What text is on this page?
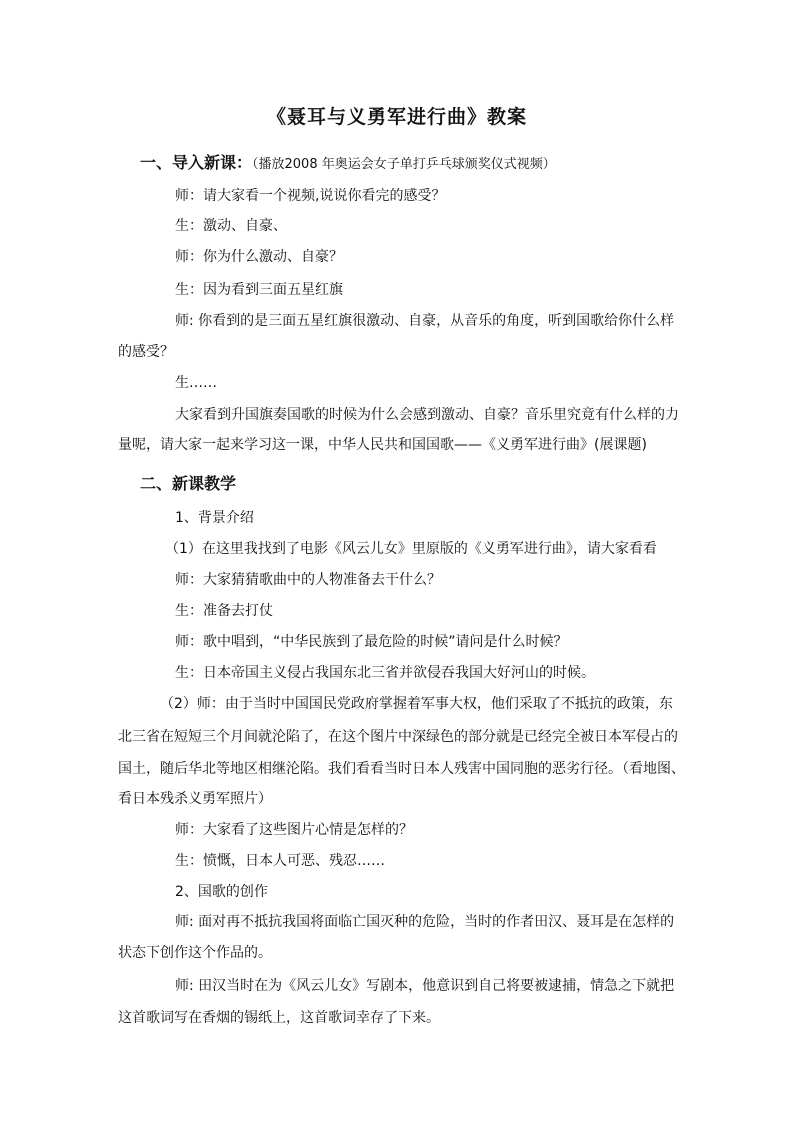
《聂耳与义勇军进行曲》教案
一、导入新课：（播放2008 年奥运会女子单打乒乓球颁奖仪式视频）
师：请大家看一个视频,说说你看完的感受？
生：激动、自豪、
师：你为什么激动、自豪？
生：因为看到三面五星红旗
师: 你看到的是三面五星红旗很激动、自豪，从音乐的角度，听到国歌给你什么样
的感受？
生……
大家看到升国旗奏国歌的时候为什么会感到激动、自豪？音乐里究竟有什么样的力
量呢，请大家一起来学习这一课，中华人民共和国国歌——《义勇军进行曲》(展课题)
二、新课教学
1、背景介绍
（1）在这里我找到了电影《风云儿女》里原版的《义勇军进行曲》，请大家看看
师：大家猜猜歌曲中的人物准备去干什么？
生：准备去打仗
师：歌中唱到，“中华民族到了最危险的时候”请问是什么时候？
生：日本帝国主义侵占我国东北三省并欲侵吞我国大好河山的时候。
（2）师：由于当时中国国民党政府掌握着军事大权，他们采取了不抵抗的政策，东
北三省在短短三个月间就沦陷了，在这个图片中深绿色的部分就是已经完全被日本军侵占的
国土，随后华北等地区相继沦陷。我们看看当时日本人残害中国同胞的恶劣行径。（看地图、
看日本残杀义勇军照片）
师：大家看了这些图片心情是怎样的？
生：愤慨，日本人可恶、残忍……
2、国歌的创作
师: 面对再不抵抗我国将面临亡国灭种的危险，当时的作者田汉、聂耳是在怎样的
状态下创作这个作品的。
师: 田汉当时在为《风云儿女》写剧本，他意识到自己将要被逮捕，情急之下就把
这首歌词写在香烟的锡纸上，这首歌词幸存了下来。
